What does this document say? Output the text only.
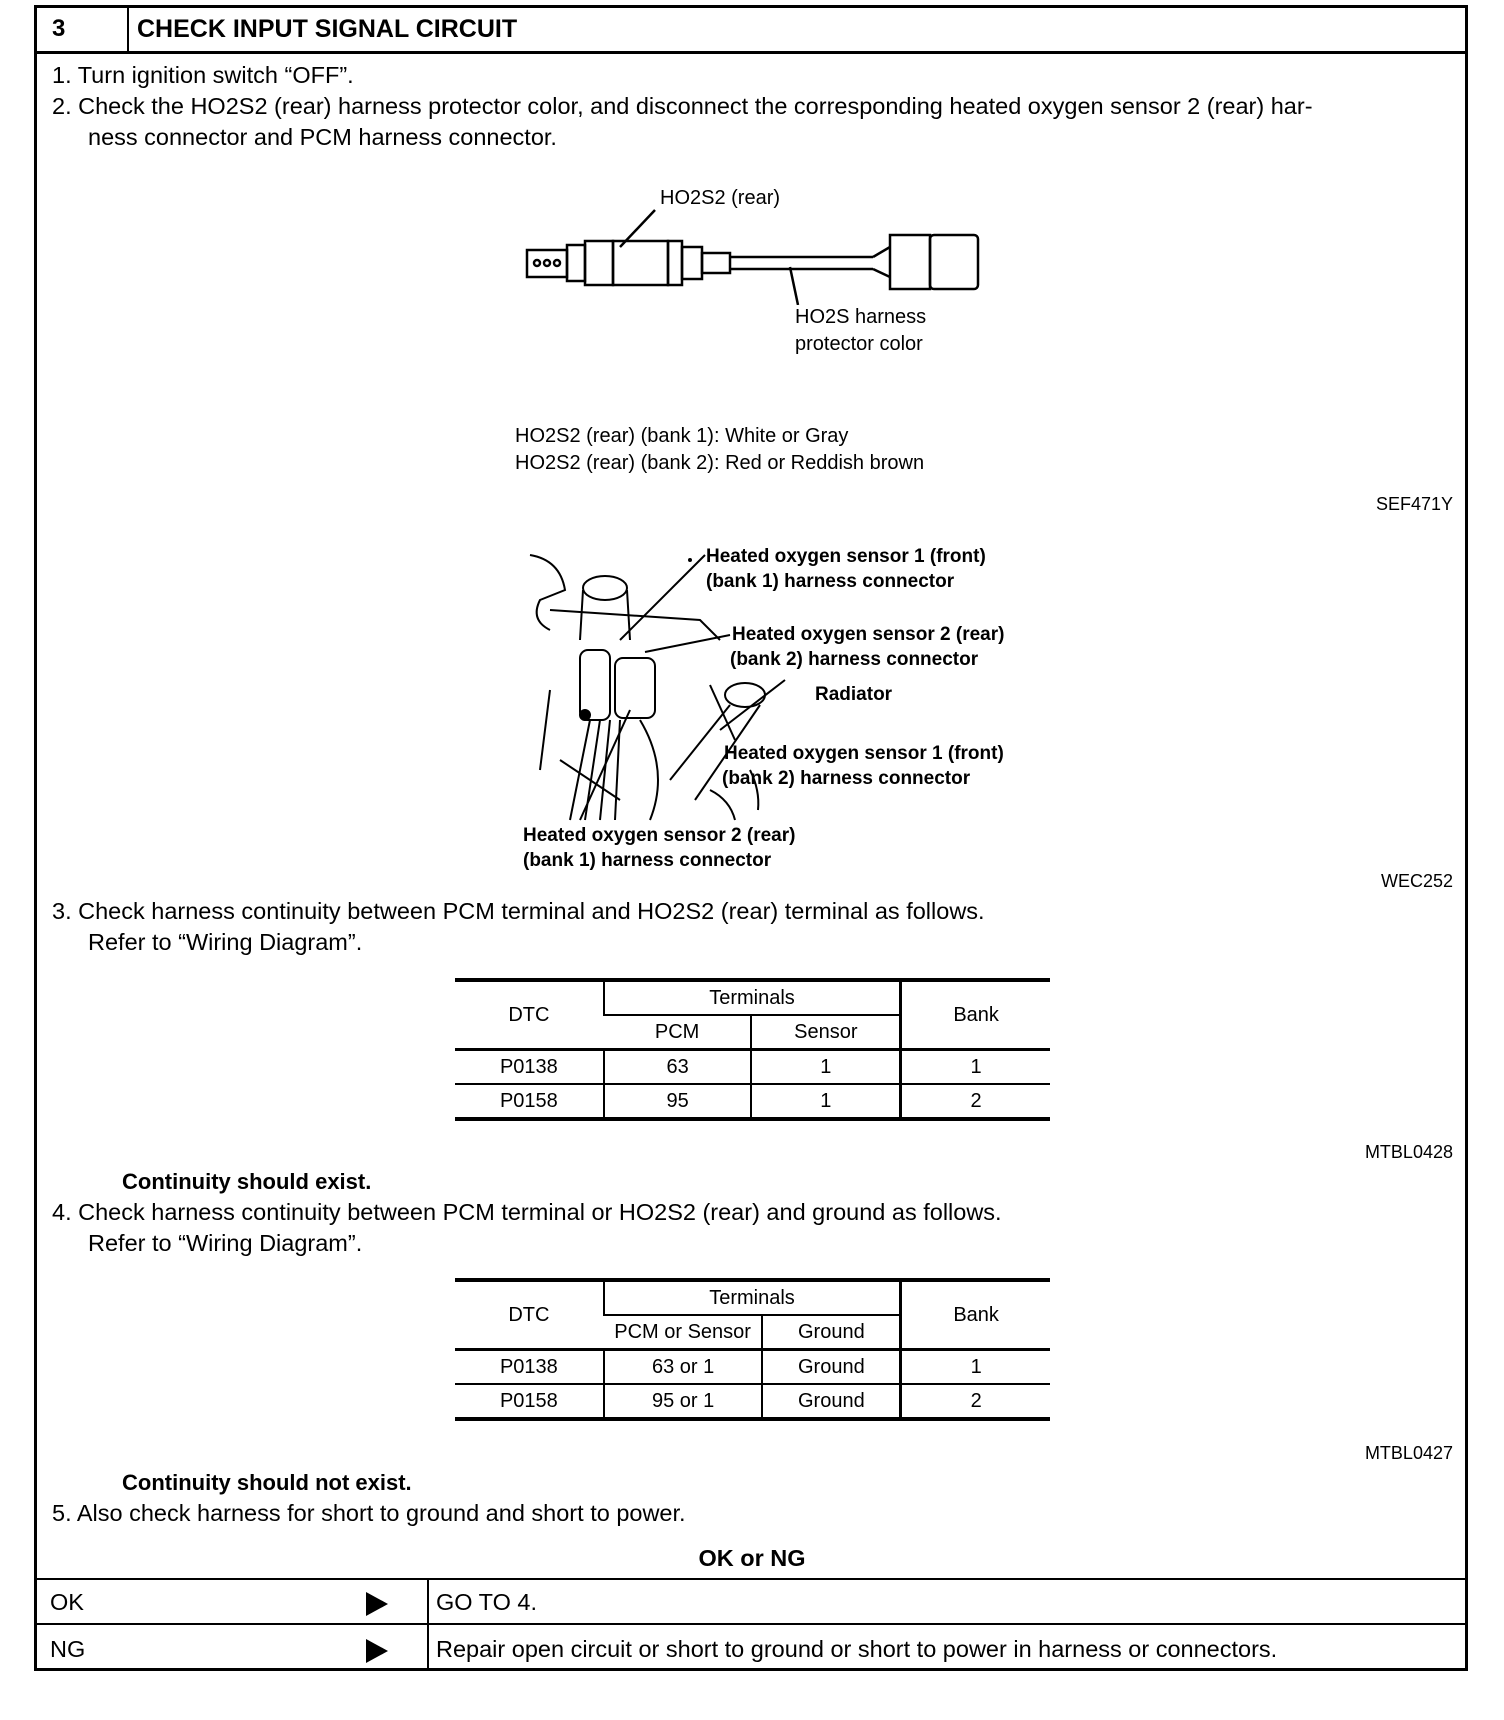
3	CHECK INPUT SIGNAL CIRCUIT
1. Turn ignition switch “OFF”.
2. Check the HO2S2 (rear) harness protector color, and disconnect the corresponding heated oxygen sensor 2 (rear) har-
ness connector and PCM harness connector.
HO2S2 (rear)
HO2S harness
protector color
HO2S2 (rear) (bank 1): White or Gray
HO2S2 (rear) (bank 2): Red or Reddish brown
SEF471Y
Heated oxygen sensor 1 (front)
(bank 1) harness connector
Heated oxygen sensor 2 (rear)
(bank 2) harness connector
Radiator
Heated oxygen sensor 1 (front)
(bank 2) harness connector
Heated oxygen sensor 2 (rear)
(bank 1) harness connector
WEC252
3. Check harness continuity between PCM terminal and HO2S2 (rear) terminal as follows.
Refer to “Wiring Diagram”.
DTC	Terminals		Bank
	PCM	Sensor	
P0138	63	1	1
P0158	95	1	2
MTBL0428
Continuity should exist.
4. Check harness continuity between PCM terminal or HO2S2 (rear) and ground as follows.
Refer to “Wiring Diagram”.
DTC	Terminals		Bank
	PCM or Sensor	Ground	
P0138	63 or 1	Ground	1
P0158	95 or 1	Ground	2
MTBL0427
Continuity should not exist.
5. Also check harness for short to ground and short to power.
OK or NG
OK	GO TO 4.
NG	Repair open circuit or short to ground or short to power in harness or connectors.
